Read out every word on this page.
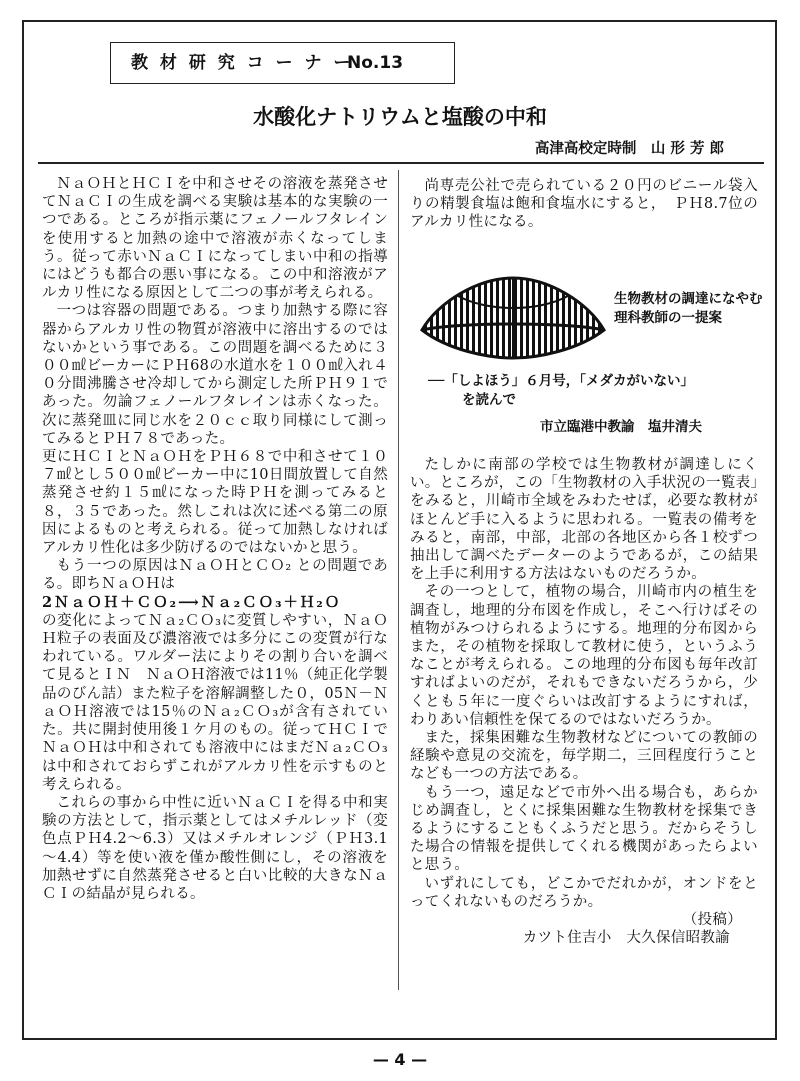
教 材 研 究 コ ー ナ ー
No.13
水酸化ナトリウムと塩酸の中和
高津高校定時制　山 形 芳 郎

ＮａＯＨとＨＣＩを中和させその溶液を蒸発させてＮａＣＩの生成を調べる実験は基本的な実験の一つである。ところが指示薬にフェノールフタレインを使用すると加熱の途中で溶液が赤くなってしまう。従って赤いＮａＣＩになってしまい中和の指導にはどうも都合の悪い事になる。この中和溶液がアルカリ性になる原因として二つの事が考えられる。

一つは容器の問題である。つまり加熱する際に容器からアルカリ性の物質が溶液中に溶出するのではないかという事である。この問題を調べるために３００㎖ビーカーにＰＨ68の水道水を１００㎖入れ４０分間沸騰させ冷却してから測定した所ＰＨ９１であった。勿論フェノールフタレインは赤くなった。次に蒸発皿に同じ水を２０ｃｃ取り同様にして測ってみるとＰＨ７８であった。

更にＨＣＩとＮａＯＨをＰＨ６８で中和させて１０７㎖とし５００㎖ビーカー中に10日間放置して自然蒸発させ約１５㎖になった時ＰＨを測ってみると８，３５であった。然しこれは次に述べる第二の原因によるものと考えられる。従って加熱しなければアルカリ性化は多少防げるのではないかと思う。

もう一つの原因はＮａＯＨとＣＯ₂ との問題である。即ちＮａＯＨは

2ＮａＯＨ＋ＣＯ₂⟶Ｎａ₂ＣＯ₃＋Ｈ₂Ｏ

の変化によってＮａ₂ＣＯ₃に変質しやすい，ＮａＯＨ粒子の表面及び濃溶液では多分にこの変質が行なわれている。ワルダー法によりその割り合いを調べて見るとＩＮ　ＮａＯＨ溶液では11％（純正化学製品のびん詰）また粒子を溶解調整した０，05Ｎ－ＮａＯＨ溶液では15％のＮａ₂ＣＯ₃が含有されていた。共に開封使用後１ケ月のもの。従ってＨＣＩでＮａＯＨは中和されても溶液中にはまだＮａ₂ＣＯ₃は中和されておらずこれがアルカリ性を示すものと考えられる。

これらの事から中性に近いＮａＣＩを得る中和実験の方法として，指示薬としてはメチルレッド（変色点ＰＨ4.2～6.3）又はメチルオレンジ（ＰＨ3.1～4.4）等を使い液を僅か酸性側にし，その溶液を加熱せずに自然蒸発させると白い比較的大きなＮａＣＩの結晶が見られる。

尚専売公社で売られている２０円のビニール袋入りの精製食塩は飽和食塩水にすると，　ＰＨ8.7位のアルカリ性になる。

生物教材の調達になやむ理科教師の一提案
──「しよほう」６月号，「メダカがいない」
を読んで
市立臨港中教諭　塩井清夫

たしかに南部の学校では生物教材が調達しにくい。ところが，この「生物教材の入手状況の一覧表」をみると，川崎市全域をみわたせば，必要な教材がほとんど手に入るように思われる。一覧表の備考をみると，南部，中部，北部の各地区から各１校ずつ抽出して調べたデーターのようであるが，この結果を上手に利用する方法はないものだろうか。

その一つとして，植物の場合，川崎市内の植生を調査し，地理的分布図を作成し，そこへ行けばその植物がみつけられるようにする。地理的分布図からまた，その植物を採取して教材に使う，というふうなことが考えられる。この地理的分布図も毎年改訂すればよいのだが，それもできないだろうから，少くとも５年に一度ぐらいは改訂するようにすれば，わりあい信頼性を保てるのではないだろうか。

また，採集困難な生物教材などについての教師の経験や意見の交流を，毎学期二，三回程度行うことなども一つの方法である。

もう一つ，遠足などで市外へ出る場合も，あらかじめ調査し，とくに採集困難な生物教材を採集できるようにすることもくふうだと思う。だからそうした場合の情報を提供してくれる機関があったらよいと思う。

いずれにしても，どこかでだれかが，オンドをとってくれないものだろうか。

（投稿）

カツト住吉小　大久保信昭教諭

— 4 —
